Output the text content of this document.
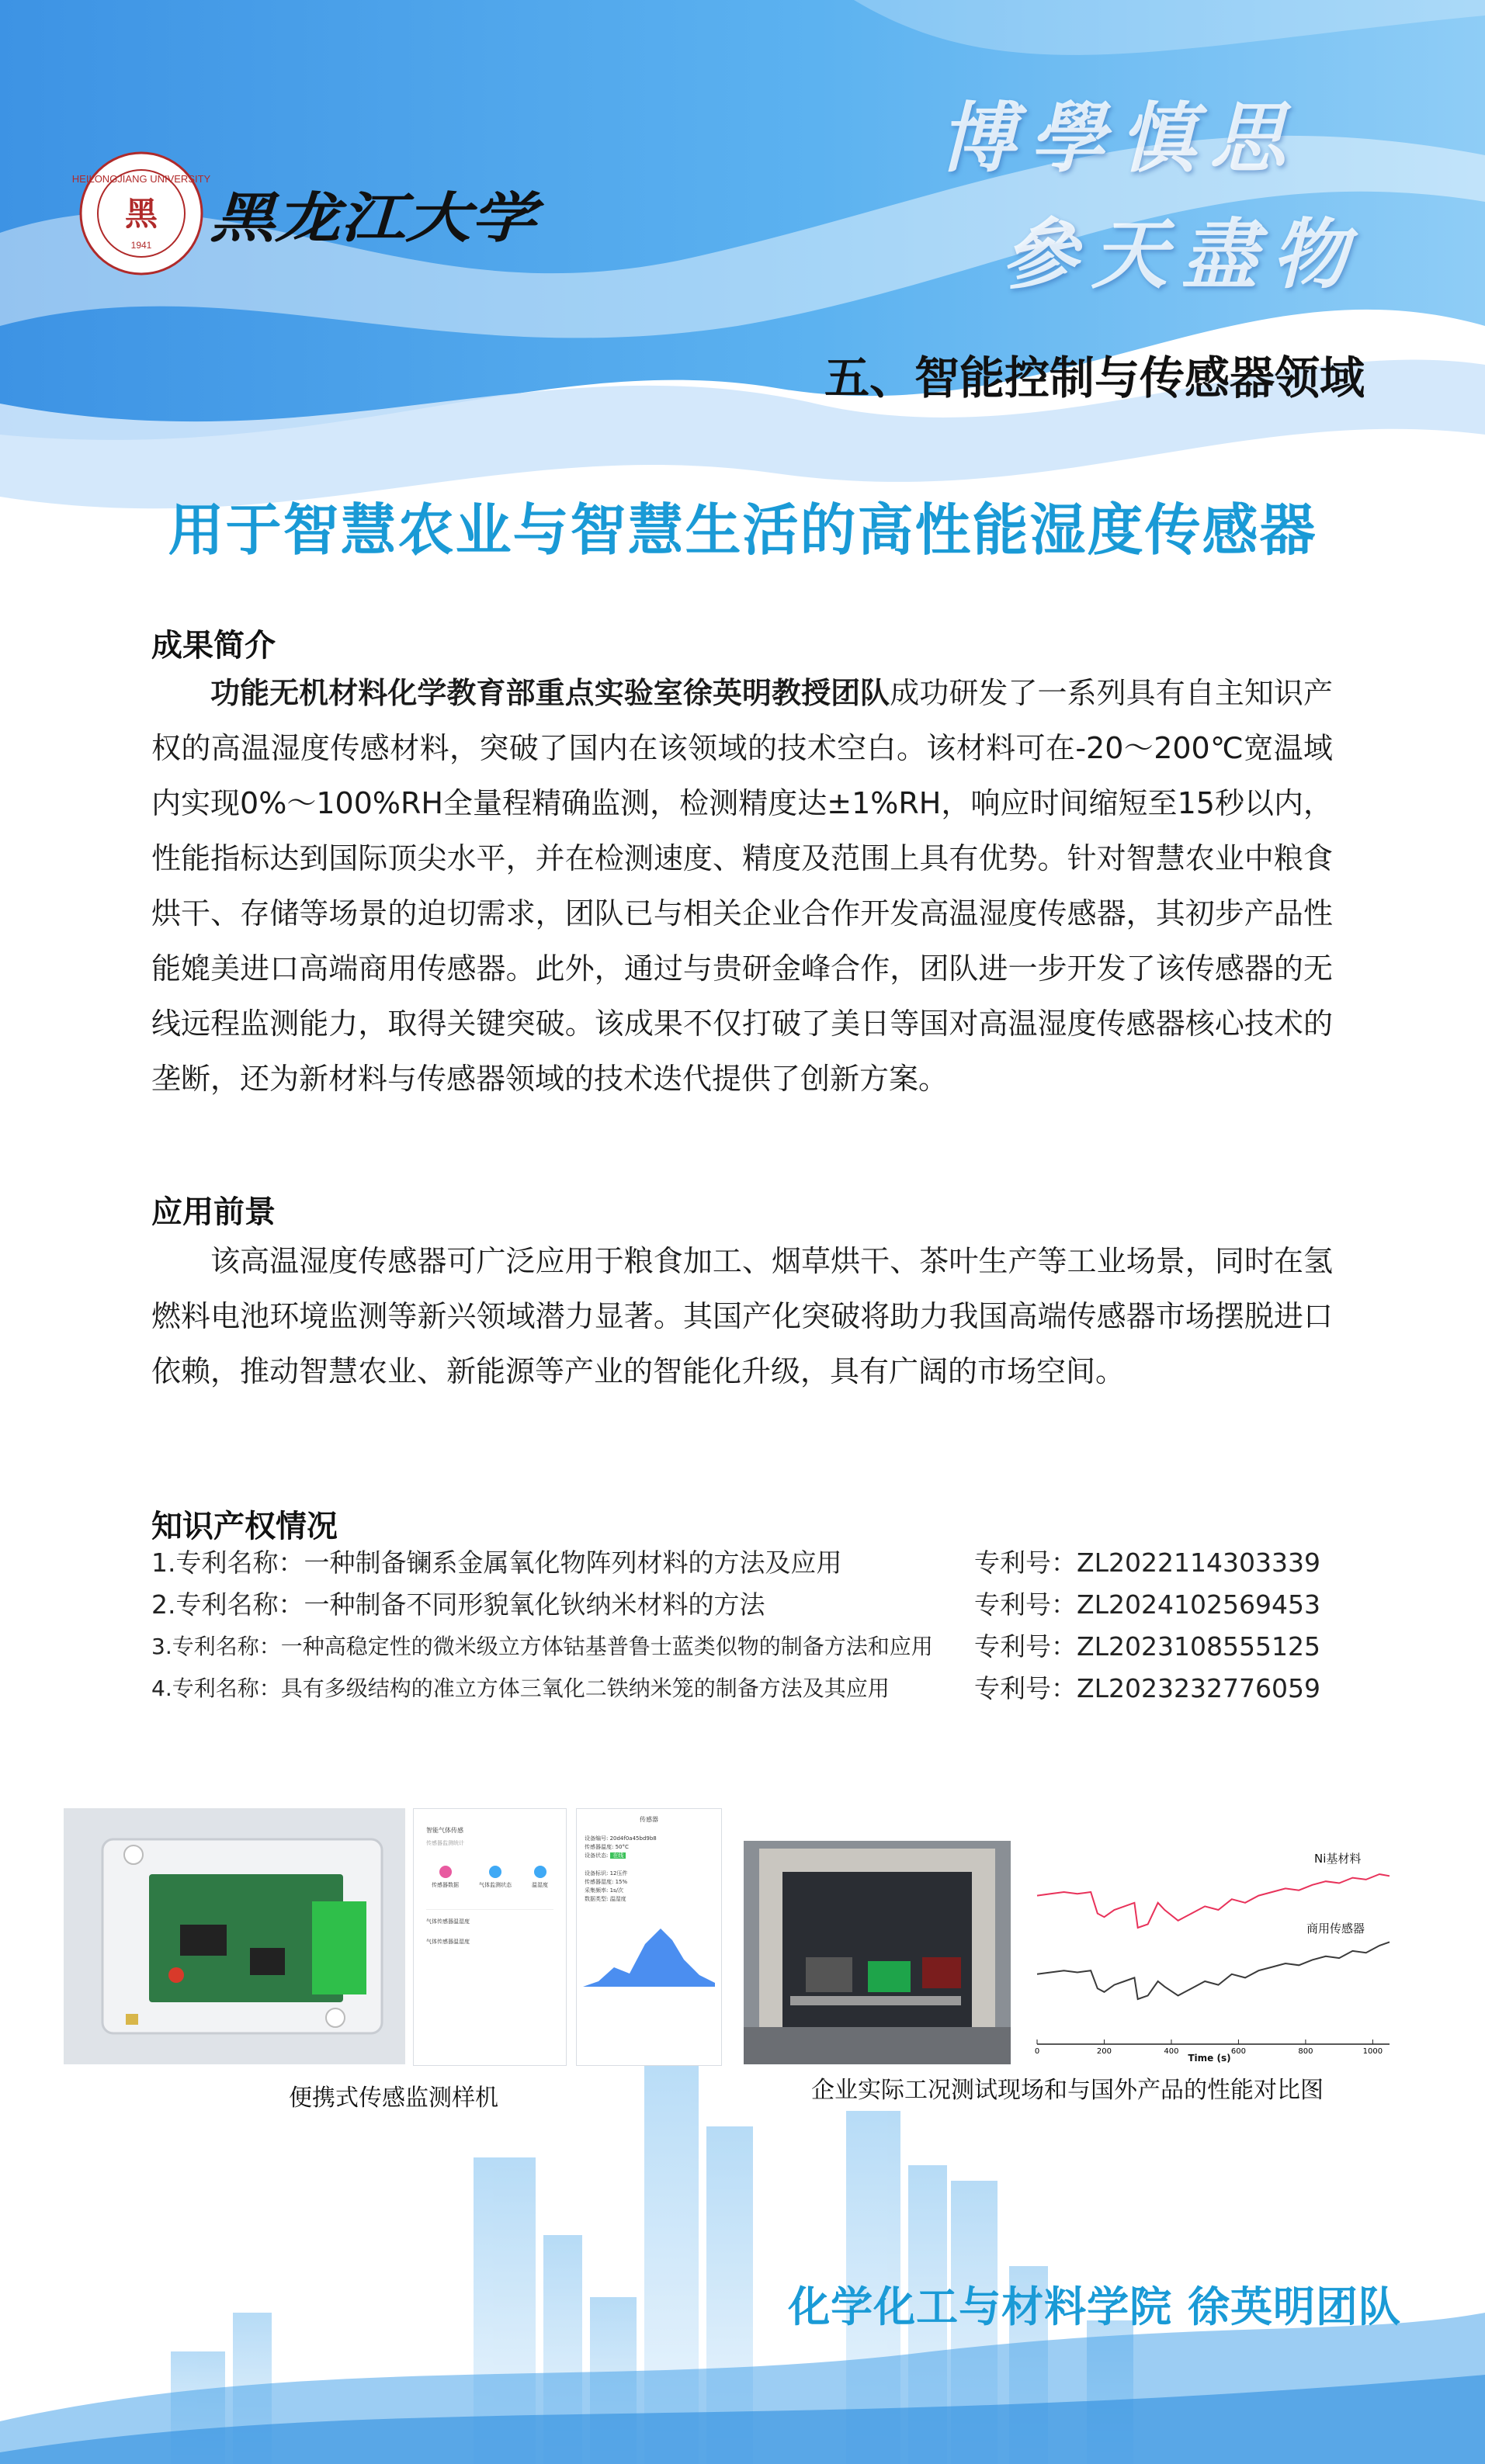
HEILONGJIANG UNIVERSITY
黑
1941 黑龙江大学
博學慎思
參天盡物
五、智能控制与传感器领域
用于智慧农业与智慧生活的高性能湿度传感器
成果简介

功能无机材料化学教育部重点实验室徐英明教授团队成功研发了一系列具有自主知识产权的高温湿度传感材料，突破了国内在该领域的技术空白。该材料可在-20～200℃宽温域内实现0%～100%RH全量程精确监测，检测精度达±1%RH，响应时间缩短至15秒以内，性能指标达到国际顶尖水平，并在检测速度、精度及范围上具有优势。针对智慧农业中粮食烘干、存储等场景的迫切需求，团队已与相关企业合作开发高温湿度传感器，其初步产品性能媲美进口高端商用传感器。此外，通过与贵研金峰合作，团队进一步开发了该传感器的无线远程监测能力，取得关键突破。该成果不仅打破了美日等国对高温湿度传感器核心技术的垄断，还为新材料与传感器领域的技术迭代提供了创新方案。

应用前景

该高温湿度传感器可广泛应用于粮食加工、烟草烘干、茶叶生产等工业场景，同时在氢燃料电池环境监测等新兴领域潜力显著。其国产化突破将助力我国高端传感器市场摆脱进口依赖，推动智慧农业、新能源等产业的智能化升级，具有广阔的市场空间。

知识产权情况
1.专利名称：一种制备镧系金属氧化物阵列材料的方法及应用	专利号：ZL2022114303339
2.专利名称：一种制备不同形貌氧化钬纳米材料的方法	专利号：ZL2024102569453
3.专利名称：一种高稳定性的微米级立方体钴基普鲁士蓝类似物的制备方法和应用 专利号：ZL2023108555125
4.专利名称：具有多级结构的准立方体三氧化二铁纳米笼的制备方法及其应用	专利号：ZL2023232776059
智能气体传感
传感器监测统计
传感器数据	气体监测状态	温湿度
气体传感器温湿度
气体传感器温湿度
传感器
设备编号: 20d4f0a45bd9b8
传感器温度: 50°C
设备状态: 在线
设备标识: 12压件
传感器湿度: 15%
采集频率: 1s/次
数据类型: 温湿度
0	200	400	600	800	1000
Ni基材料
商用传感器
Time (s)
便携式传感监测样机	企业实际工况测试现场和与国外产品的性能对比图
化学化工与材料学院 徐英明团队
